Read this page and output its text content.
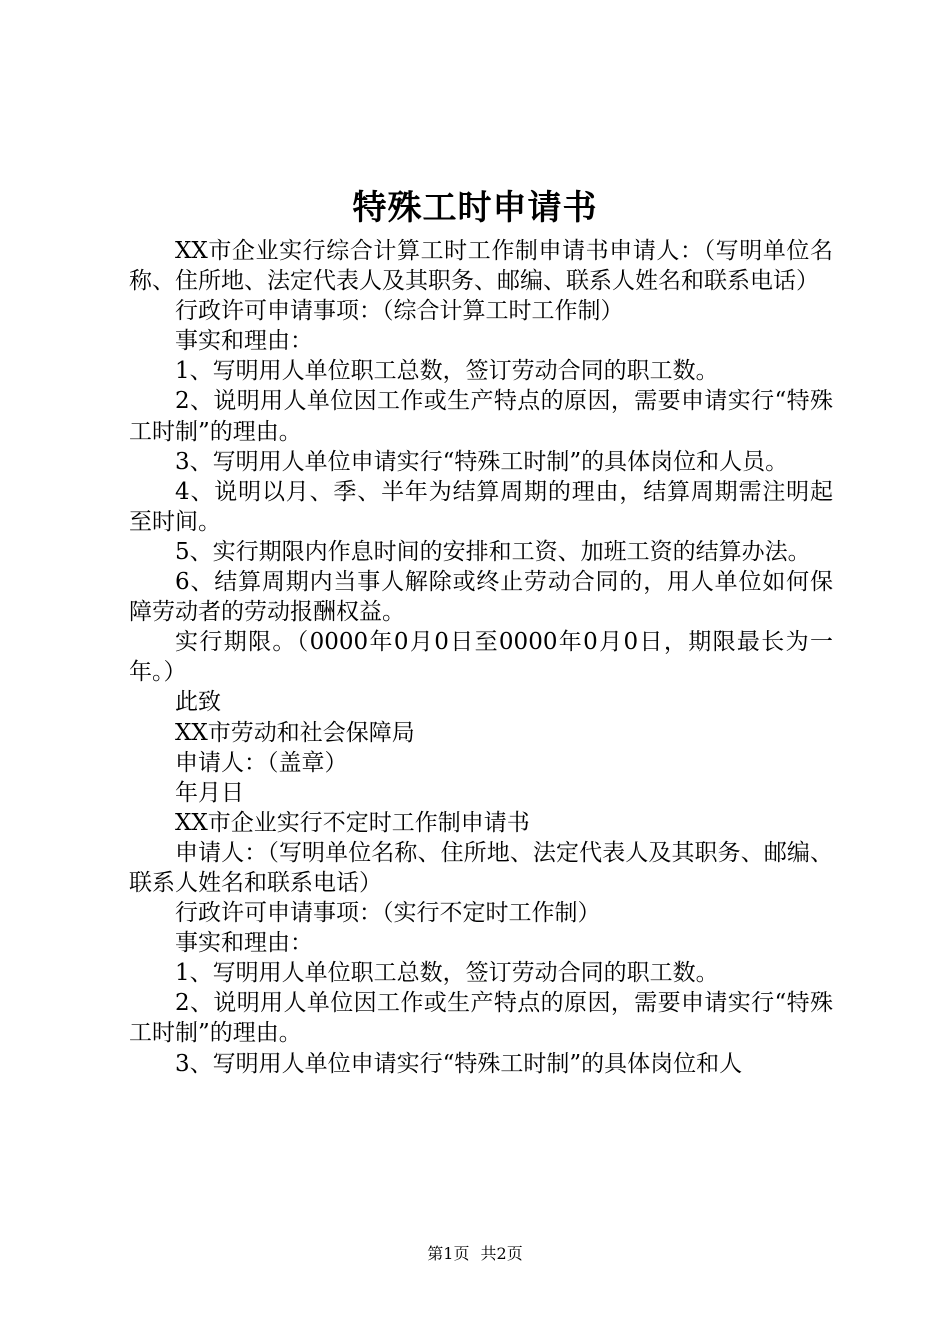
特殊工时申请书

XX市企业实行综合计算工时工作制申请书申请人：（写明单位名称、住所地、法定代表人及其职务、邮编、联系人姓名和联系电话）

行政许可申请事项：（综合计算工时工作制）

事实和理由：

1、写明用人单位职工总数，签订劳动合同的职工数。

2、说明用人单位因工作或生产特点的原因，需要申请实行“特殊工时制”的理由。

3、写明用人单位申请实行“特殊工时制”的具体岗位和人员。

4、说明以月、季、半年为结算周期的理由，结算周期需注明起至时间。

5、实行期限内作息时间的安排和工资、加班工资的结算办法。

6、结算周期内当事人解除或终止劳动合同的，用人单位如何保障劳动者的劳动报酬权益。

实行期限。（0000年0月0日至0000年0月0日，期限最长为一年。）

此致

XX市劳动和社会保障局

申请人：（盖章）

年月日

XX市企业实行不定时工作制申请书

申请人：（写明单位名称、住所地、法定代表人及其职务、邮编、联系人姓名和联系电话）

行政许可申请事项：（实行不定时工作制）

事实和理由：

1、写明用人单位职工总数，签订劳动合同的职工数。

2、说明用人单位因工作或生产特点的原因，需要申请实行“特殊工时制”的理由。

3、写明用人单位申请实行“特殊工时制”的具体岗位和人

第1页 共2页
